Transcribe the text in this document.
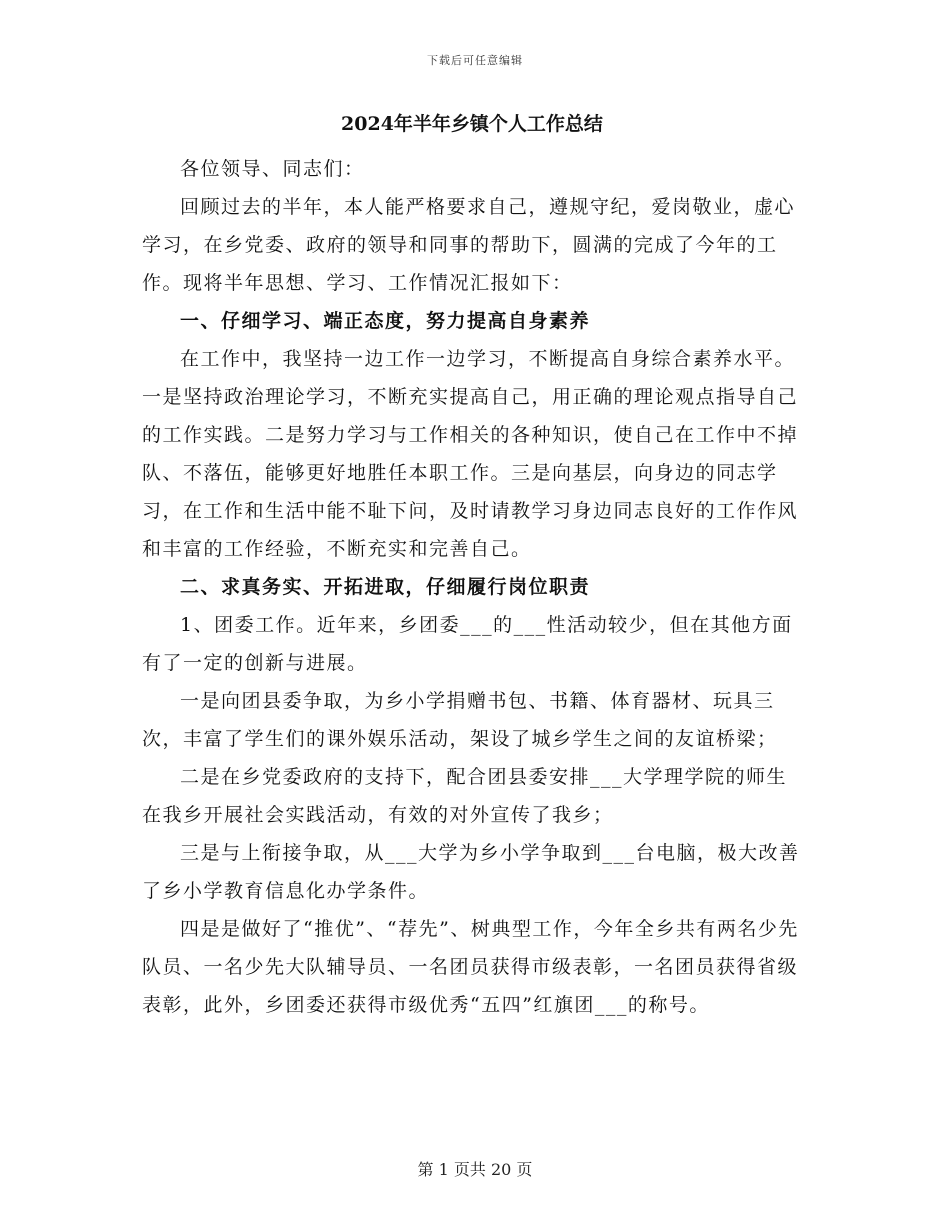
下载后可任意编辑
2024年半年乡镇个人工作总结

各位领导、同志们：

回顾过去的半年，本人能严格要求自己，遵规守纪，爱岗敬业，虚心学习，在乡党委、政府的领导和同事的帮助下，圆满的完成了今年的工作。现将半年思想、学习、工作情况汇报如下：

一、仔细学习、端正态度，努力提高自身素养

在工作中，我坚持一边工作一边学习，不断提高自身综合素养水平。一是坚持政治理论学习，不断充实提高自己，用正确的理论观点指导自己的工作实践。二是努力学习与工作相关的各种知识，使自己在工作中不掉队、不落伍，能够更好地胜任本职工作。三是向基层，向身边的同志学习，在工作和生活中能不耻下问，及时请教学习身边同志良好的工作作风和丰富的工作经验，不断充实和完善自己。

二、求真务实、开拓进取，仔细履行岗位职责

1、团委工作。近年来，乡团委___的___性活动较少，但在其他方面有了一定的创新与进展。

一是向团县委争取，为乡小学捐赠书包、书籍、体育器材、玩具三次，丰富了学生们的课外娱乐活动，架设了城乡学生之间的友谊桥梁；

二是在乡党委政府的支持下，配合团县委安排___大学理学院的师生在我乡开展社会实践活动，有效的对外宣传了我乡；

三是与上衔接争取，从___大学为乡小学争取到___台电脑，极大改善了乡小学教育信息化办学条件。

四是是做好了“推优”、“荐先”、树典型工作，今年全乡共有两名少先队员、一名少先大队辅导员、一名团员获得市级表彰，一名团员获得省级表彰，此外，乡团委还获得市级优秀“五四”红旗团___的称号。

第 1 页共 20 页
